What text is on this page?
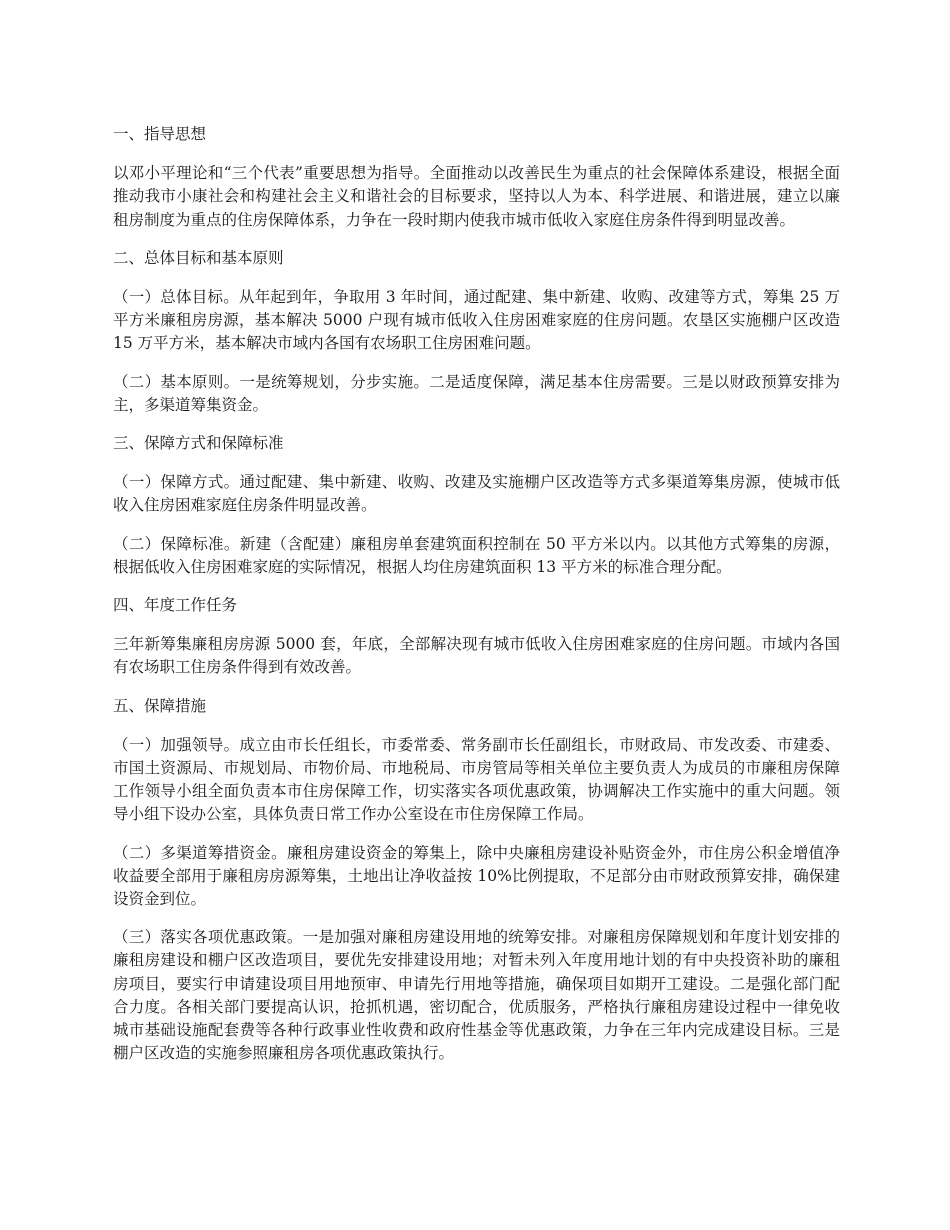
一、指导思想

以邓小平理论和“三个代表”重要思想为指导。全面推动以改善民生为重点的社会保障体系建设，根据全面推动我市小康社会和构建社会主义和谐社会的目标要求，坚持以人为本、科学进展、和谐进展，建立以廉租房制度为重点的住房保障体系，力争在一段时期内使我市城市低收入家庭住房条件得到明显改善。

二、总体目标和基本原则

（一）总体目标。从年起到年，争取用 3 年时间，通过配建、集中新建、收购、改建等方式，筹集 25 万平方米廉租房房源，基本解决 5000 户现有城市低收入住房困难家庭的住房问题。农垦区实施棚户区改造 15 万平方米，基本解决市域内各国有农场职工住房困难问题。

（二）基本原则。一是统筹规划，分步实施。二是适度保障，满足基本住房需要。三是以财政预算安排为主，多渠道筹集资金。

三、保障方式和保障标准

（一）保障方式。通过配建、集中新建、收购、改建及实施棚户区改造等方式多渠道筹集房源，使城市低收入住房困难家庭住房条件明显改善。

（二）保障标准。新建（含配建）廉租房单套建筑面积控制在 50 平方米以内。以其他方式筹集的房源，根据低收入住房困难家庭的实际情况，根据人均住房建筑面积 13 平方米的标准合理分配。

四、年度工作任务

三年新筹集廉租房房源 5000 套，年底，全部解决现有城市低收入住房困难家庭的住房问题。市域内各国有农场职工住房条件得到有效改善。

五、保障措施

（一）加强领导。成立由市长任组长，市委常委、常务副市长任副组长，市财政局、市发改委、市建委、市国土资源局、市规划局、市物价局、市地税局、市房管局等相关单位主要负责人为成员的市廉租房保障工作领导小组全面负责本市住房保障工作，切实落实各项优惠政策，协调解决工作实施中的重大问题。领导小组下设办公室，具体负责日常工作办公室设在市住房保障工作局。

（二）多渠道筹措资金。廉租房建设资金的筹集上，除中央廉租房建设补贴资金外，市住房公积金增值净收益要全部用于廉租房房源筹集，土地出让净收益按 10%比例提取，不足部分由市财政预算安排，确保建设资金到位。

（三）落实各项优惠政策。一是加强对廉租房建设用地的统筹安排。对廉租房保障规划和年度计划安排的廉租房建设和棚户区改造项目，要优先安排建设用地；对暂未列入年度用地计划的有中央投资补助的廉租房项目，要实行申请建设项目用地预审、申请先行用地等措施，确保项目如期开工建设。二是强化部门配合力度。各相关部门要提高认识，抢抓机遇，密切配合，优质服务，严格执行廉租房建设过程中一律免收城市基础设施配套费等各种行政事业性收费和政府性基金等优惠政策，力争在三年内完成建设目标。三是棚户区改造的实施参照廉租房各项优惠政策执行。
